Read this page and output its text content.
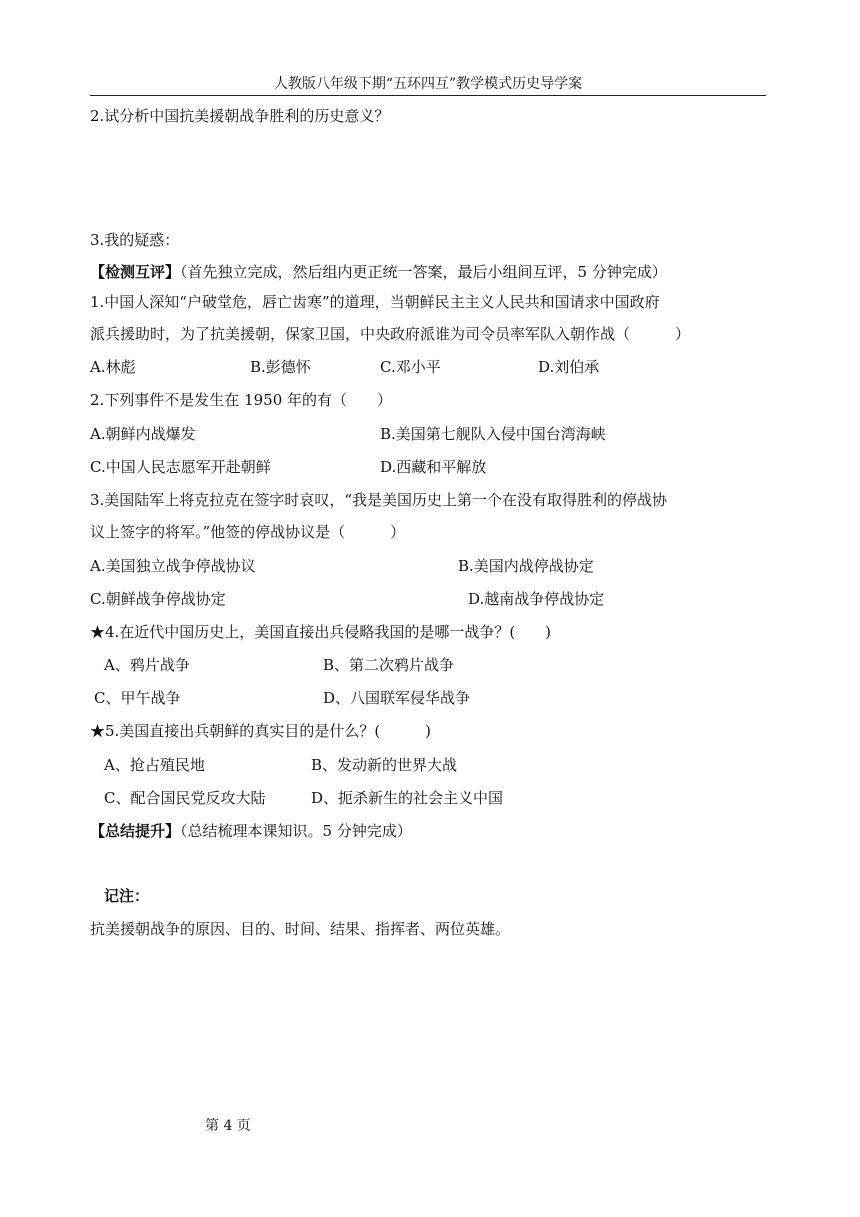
人教版八年级下期“五环四互”教学模式历史导学案
2.试分析中国抗美援朝战争胜利的历史意义？
3.我的疑惑：
【检测互评】（首先独立完成，然后组内更正统一答案，最后小组间互评，5 分钟完成）
1.中国人深知“户破堂危，唇亡齿寒”的道理，当朝鲜民主主义人民共和国请求中国政府
派兵援助时，为了抗美援朝，保家卫国，中央政府派谁为司令员率军队入朝作战（　　　）
A.林彪	B.彭德怀	C.邓小平	D.刘伯承
2.下列事件不是发生在 1950 年的有（　　）
A.朝鲜内战爆发	B.美国第七舰队入侵中国台湾海峡
C.中国人民志愿军开赴朝鲜	D.西藏和平解放
3.美国陆军上将克拉克在签字时哀叹，“我是美国历史上第一个在没有取得胜利的停战协
议上签字的将军。”他签的停战协议是（　　　）
A.美国独立战争停战协议	B.美国内战停战协定
C.朝鲜战争停战协定	D.越南战争停战协定
★4.在近代中国历史上，美国直接出兵侵略我国的是哪一战争？(　　)
A、鸦片战争	B、第二次鸦片战争
C、甲午战争	D、八国联军侵华战争
★5.美国直接出兵朝鲜的真实目的是什么？(　　　)
A、抢占殖民地	B、发动新的世界大战
C、配合国民党反攻大陆	D、扼杀新生的社会主义中国
【总结提升】（总结梳理本课知识。5 分钟完成）
记注：
抗美援朝战争的原因、目的、时间、结果、指挥者、两位英雄。
第 4 页
